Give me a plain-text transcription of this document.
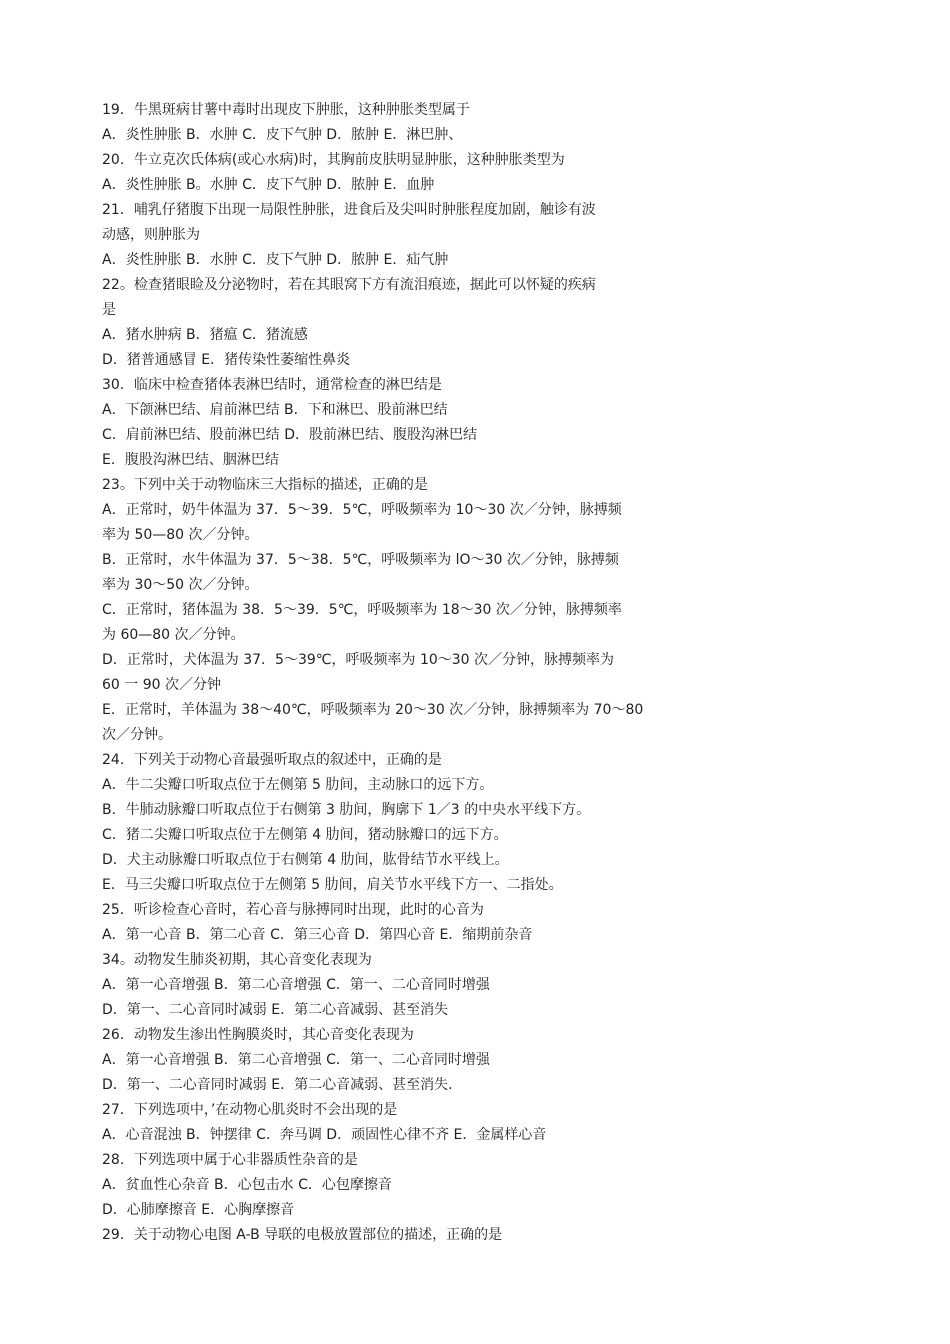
19．牛黑斑病甘薯中毒时出现皮下肿胀，这种肿胀类型属于
A．炎性肿胀 B．水肿 C．皮下气肿 D．脓肿 E．淋巴肿、
20．牛立克次氏体病(或心水病)时，其胸前皮肤明显肿胀，这种肿胀类型为
A．炎性肿胀 B。水肿 C．皮下气肿 D．脓肿 E．血肿
21．哺乳仔猪腹下出现一局限性肿胀，进食后及尖叫时肿胀程度加剧，触诊有波
动感，则肿胀为
A．炎性肿胀 B．水肿 C．皮下气肿 D．脓肿 E．疝气肿
22。检查猪眼睑及分泌物时，若在其眼窝下方有流泪痕迹，据此可以怀疑的疾病
是
A．猪水肿病 B．猪瘟 C．猪流感
D．猪普通感冒 E．猪传染性萎缩性鼻炎
30．临床中检查猪体表淋巴结时，通常检查的淋巴结是
A．下颌淋巴结、肩前淋巴结 B．下和淋巴、股前淋巴结
C．肩前淋巴结、股前淋巴结 D．股前淋巴结、腹股沟淋巴结
E．腹股沟淋巴结、胭淋巴结
23。下列中关于动物临床三大指标的描述，正确的是
A．正常时，奶牛体温为 37．5～39．5℃，呼吸频率为 10～30 次／分钟，脉搏频
率为 50—80 次／分钟。
B．正常时，水牛体温为 37．5～38．5℃，呼吸频率为 lO～30 次／分钟，脉搏频
率为 30～50 次／分钟。
C．正常时，猪体温为 38．5～39．5℃，呼吸频率为 18～30 次／分钟，脉搏频率
为 60—80 次／分钟。
D．正常时，犬体温为 37．5～39℃，呼吸频率为 10～30 次／分钟，脉搏频率为
60 一 90 次／分钟
E．正常时，羊体温为 38～40℃，呼吸频率为 20～30 次／分钟，脉搏频率为 70～80
次／分钟。
24．下列关于动物心音最强听取点的叙述中，正确的是
A．牛二尖瓣口听取点位于左侧第 5 肋间，主动脉口的远下方。
B．牛肺动脉瓣口听取点位于右侧第 3 肋间，胸廓下 1／3 的中央水平线下方。
C．猪二尖瓣口听取点位于左侧第 4 肋间，猪动脉瓣口的远下方。
D．犬主动脉瓣口听取点位于右侧第 4 肋间，肱骨结节水平线上。
E．马三尖瓣口听取点位于左侧第 5 肋间，肩关节水平线下方一、二指处。
25．听诊检查心音时，若心音与脉搏同时出现，此时的心音为
A．第一心音 B．第二心音 C．第三心音 D．第四心音 E．缩期前杂音
34。动物发生肺炎初期，其心音变化表现为
A．第一心音增强 B．第二心音增强 C．第一、二心音同时增强
D．第一、二心音同时减弱 E．第二心音减弱、甚至消失
26．动物发生渗出性胸膜炎时，其心音变化表现为
A．第一心音增强 B．第二心音增强 C．第一、二心音同时增强
D．第一、二心音同时减弱 E．第二心音减弱、甚至消失.
27．下列选项中，’在动物心肌炎时不会出现的是
A．心音混浊 B．钟摆律 C．奔马调 D．顽固性心律不齐 E．金属样心音
28．下列选项中属于心非器质性杂音的是
A．贫血性心杂音 B．心包击水 C．心包摩擦音
D．心肺摩擦音 E．心胸摩擦音
29．关于动物心电图 A-B 导联的电极放置部位的描述，正确的是
